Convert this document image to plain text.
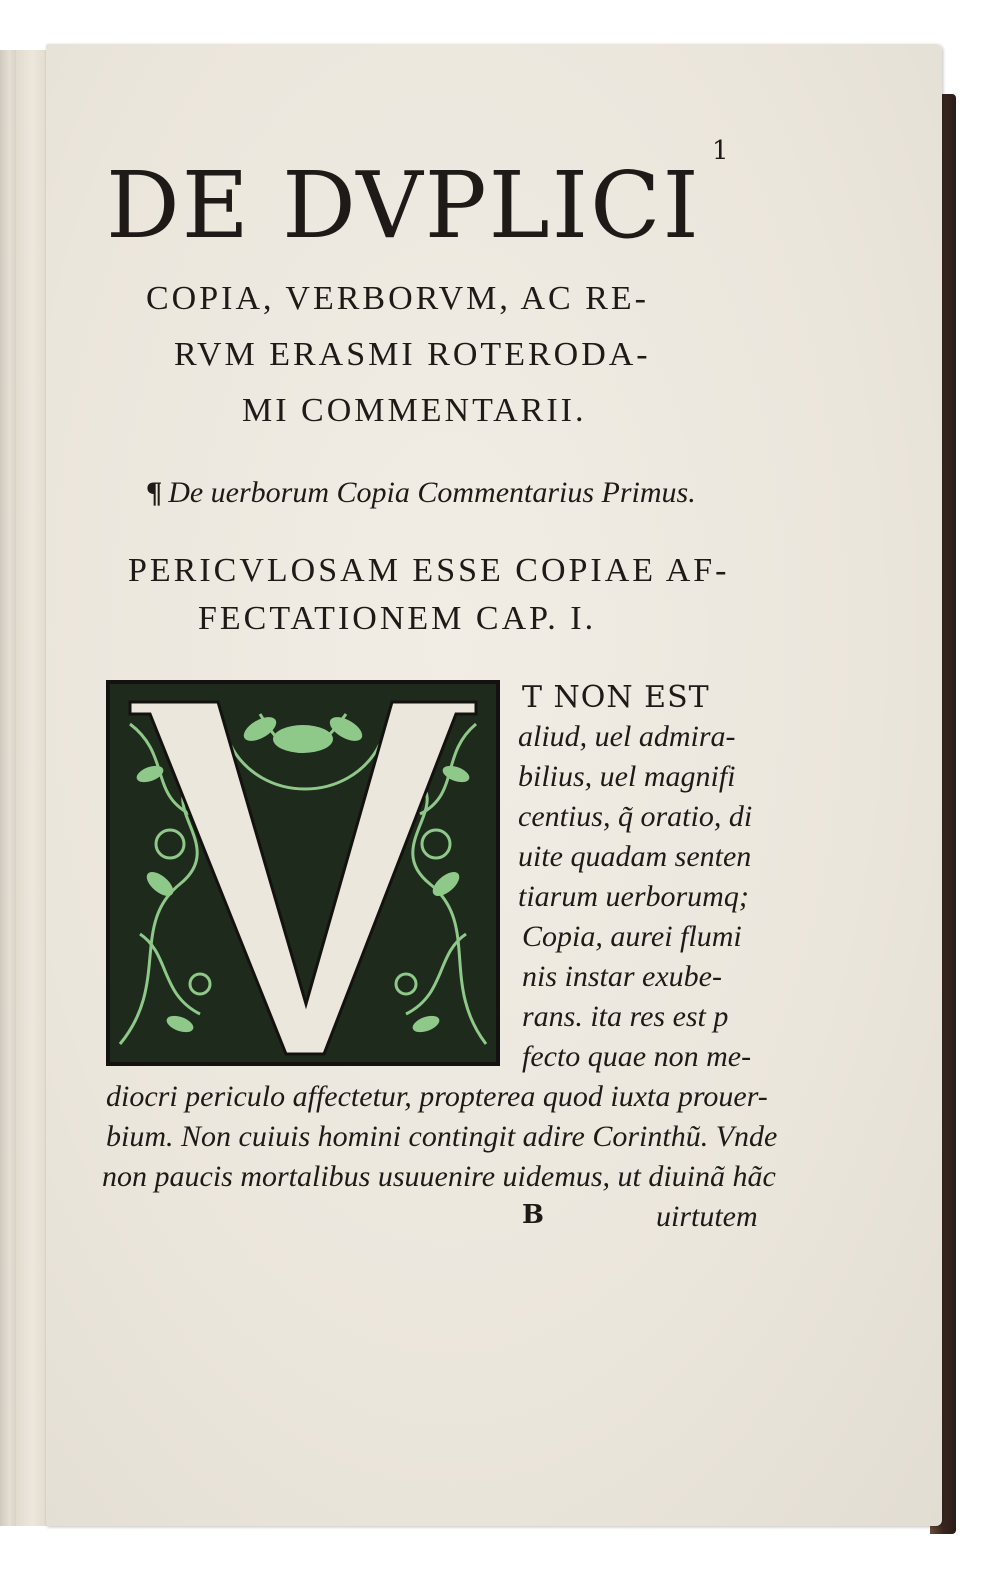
1
DE DVPLICI
COPIA, VERBORVM, AC RE-
RVM ERASMI ROTERODA-
MI COMMENTARII.
¶ De uerborum Copia Commentarius Primus.
PERICVLOSAM ESSE COPIAE AF-
FECTATIONEM CAP. I.
T NON EST
aliud, uel admira-
bilius, uel magnifi
centius, q̃ oratio, di
uite quadam senten
tiarum uerborumq;
Copia, aurei flumi
nis instar exube-
rans. ita res est p
fecto quae non me-
diocri periculo affectetur, propterea quod iuxta prouer-
bium. Non cuiuis homini contingit adire Corinthũ. Vnde
non paucis mortalibus usuuenire uidemus, ut diuinã hãc
B	uirtutem
